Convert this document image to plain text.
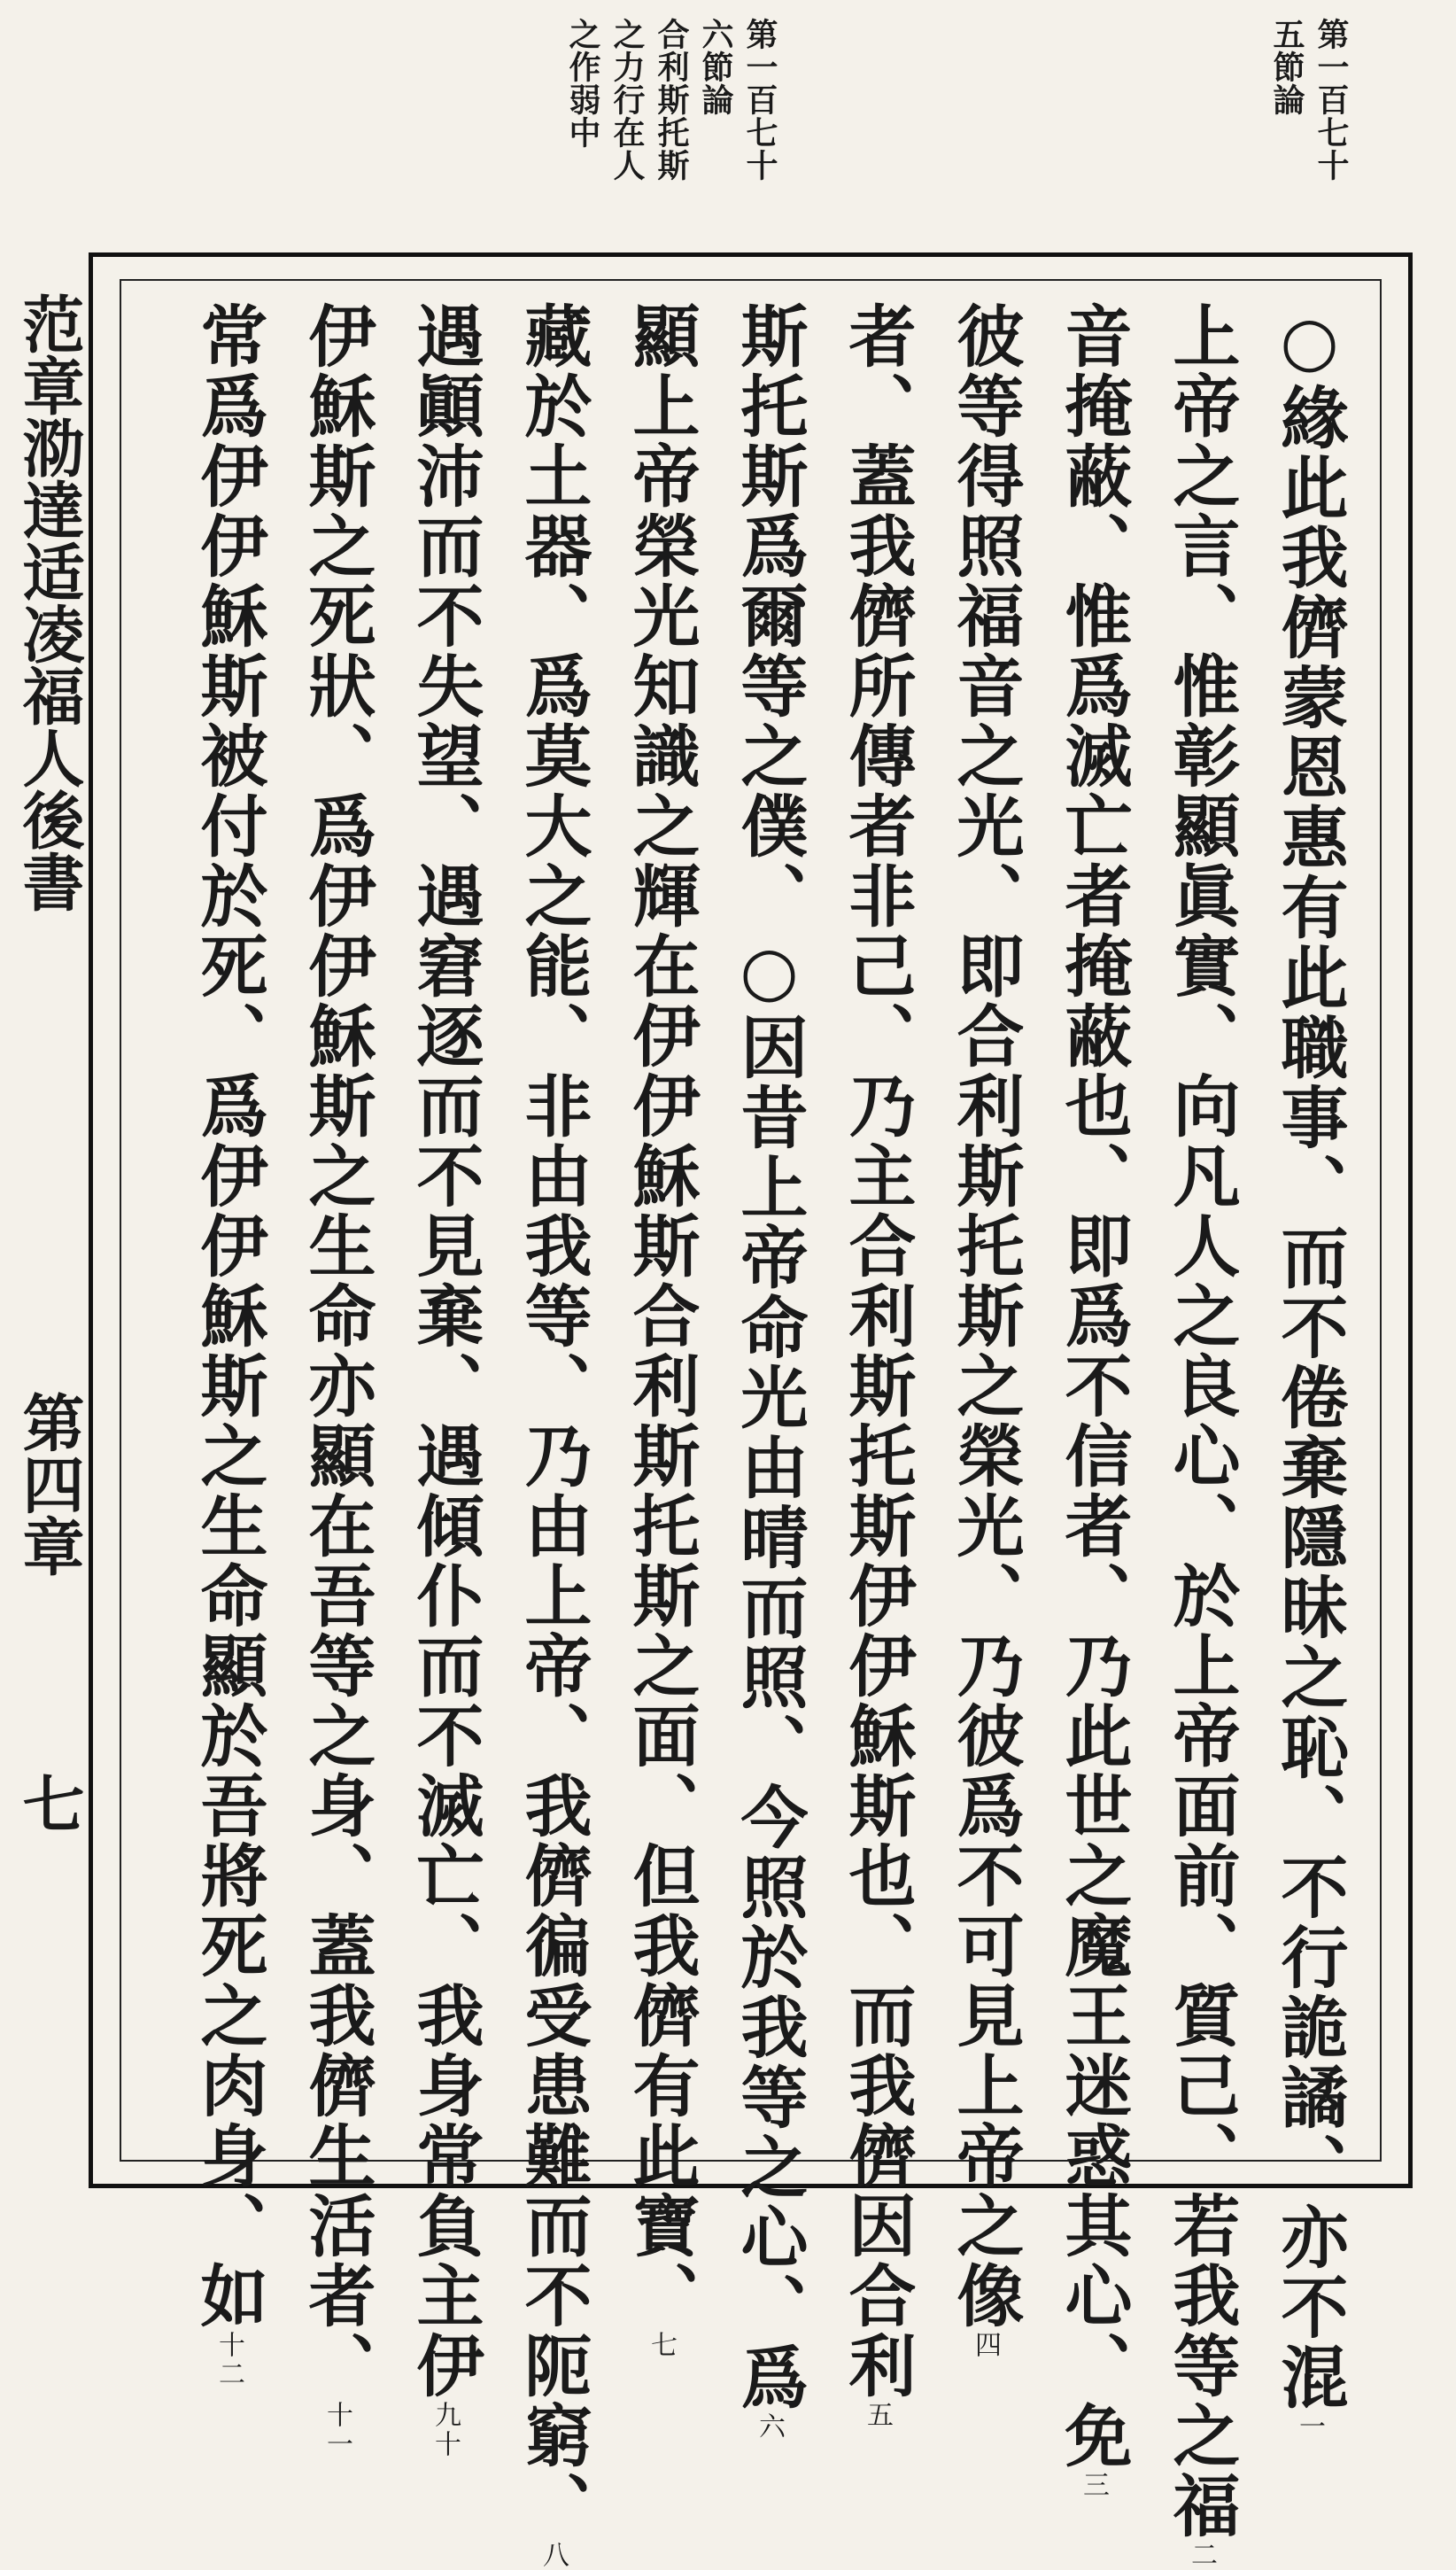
第一百七十
五節論
第一百七十
六節論
合利斯托斯
之力行在人
之作弱中
○緣此我儕蒙恩惠有此職事、而不倦棄隱昧之恥、不行詭譎、亦不混一
上帝之言、惟彰顯眞實、向凡人之良心、於上帝面前、質己、若我等之福二
音掩蔽、惟爲滅亡者掩蔽也、即爲不信者、乃此世之魔王迷惑其心、免三
彼等得照福音之光、即合利斯托斯之榮光、乃彼爲不可見上帝之像四
者、蓋我儕所傳者非己、乃主合利斯托斯伊伊穌斯也、而我儕因合利五
斯托斯爲爾等之僕、○因昔上帝命光由晴而照、今照於我等之心、爲六
顯上帝榮光知識之輝在伊伊穌斯合利斯托斯之面、但我儕有此寶、七
藏於土器、爲莫大之能、非由我等、乃由上帝、我儕徧受患難而不阨窮、八
遇顚沛而不失望、遇窘逐而不見棄、遇傾仆而不滅亡、我身常負主伊九十
伊穌斯之死狀、爲伊伊穌斯之生命亦顯在吾等之身、蓋我儕生活者、十一
常爲伊伊穌斯被付於死、爲伊伊穌斯之生命顯於吾將死之肉身、如十二
范章泐達适凌福人後書
第四章
七
